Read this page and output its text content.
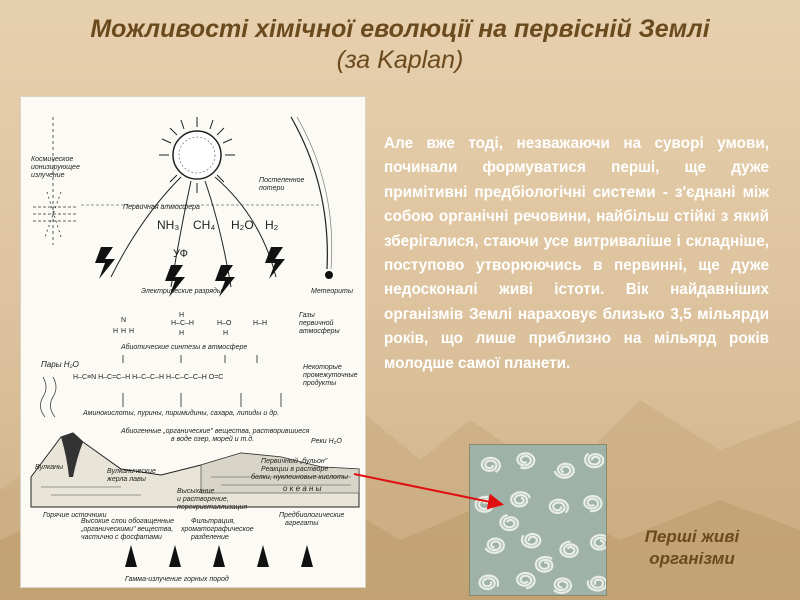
Можливості хімічної еволюції на первісній Землі
(за Kaplan)
Космическое
ионизирующее
излучение
Первичная атмосфера
Постепенное
потери
NH₃ CH₄ H₂O H₂
УФ
Метеориты
Электрические разряды
N
H H H
H
H–C–H
H
H–O
H
H–H
Газы
первичной
атмосферы
Абиотические синтезы в атмосфере
H–C≡N H–C=C–H H–C–C–H H–C–C–C–H O=C
Некоторые
промежуточные
продукты
Пары H₂O
Аминокислоты, пурины, пиримидины, сахара, липиды и др.
Абиогенные „органические" вещества, растворившиеся
в воде озер, морей и т.д.	Реки H₂O
Вулканы
Вулканические
жерла лавы
Горячие источники
Первичный „бульон"
Реакции в растворе
белки, нуклеиновые кислоты
о к е а н ы
Высыхание
и растворение,
перекристаллизация
Высокие слои обогащенные
„органическими" вещества,
частично с фосфатами
Фильтрация,
хроматографическое
разделение
Предбиологические
агрегаты
Гамма-излучение горных пород
Але вже тоді, незважаючи на суворі умови, починали формуватися перші, ще дуже примітивні предбіологічні системи - з'єднані між собою органічні речовини, найбільш стійкі з який зберігалися, стаючи усе витриваліше і складніше, поступово утворюючись в первинні, ще дуже недосконалі живі істоти. Вік найдавніших організмів Землі нараховує близько 3,5 мільярди років, що лише приблизно на мільярд років молодше самої планети.
Перші живі
організми
